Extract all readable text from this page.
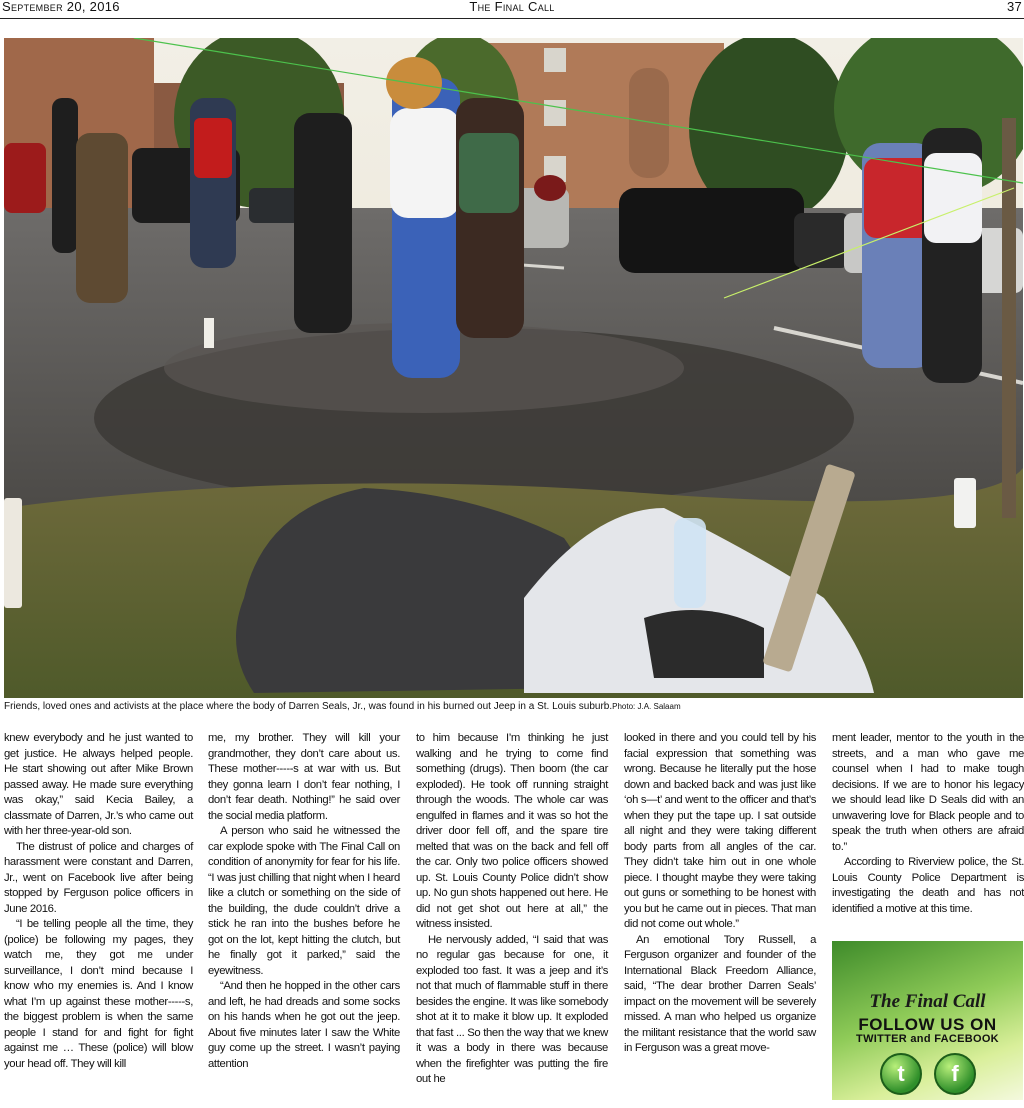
September 20, 2016	The Final Call	37
Friends, loved ones and activists at the place where the body of Darren Seals, Jr., was found in his burned out Jeep in a St. Louis suburb.Photo: J.A. Salaam

knew everybody and he just wanted to get justice. He always helped people. He start showing out after Mike Brown passed away. He made sure everything was okay,” said Kecia Bailey, a classmate of Darren, Jr.’s who came out with her three-year-old son.

The distrust of police and charges of harassment were constant and Darren, Jr., went on Facebook live after being stopped by Ferguson police officers in June 2016.

“I be telling people all the time, they (police) be following my pages, they watch me, they got me under surveillance, I don’t mind because I know who my enemies is. And I know what I’m up against these mother-----s, the biggest problem is when the same people I stand for and fight for fight against me … These (police) will blow your head off. They will kill

me, my brother. They will kill your grandmother, they don’t care about us. These mother-----s at war with us. But they gonna learn I don’t fear nothing, I don’t fear death. Nothing!” he said over the social media platform.

A person who said he witnessed the car explode spoke with The Final Call on condition of anonymity for fear for his life. “I was just chilling that night when I heard like a clutch or something on the side of the building, the dude couldn’t drive a stick he ran into the bushes before he got on the lot, kept hitting the clutch, but he finally got it parked,” said the eyewitness.

“And then he hopped in the other cars and left, he had dreads and some socks on his hands when he got out the jeep. About five minutes later I saw the White guy come up the street. I wasn’t paying attention

to him because I’m thinking he just walking and he trying to come find something (drugs). Then boom (the car exploded). He took off running straight through the woods. The whole car was engulfed in flames and it was so hot the driver door fell off, and the spare tire melted that was on the back and fell off the car. Only two police officers showed up. St. Louis County Police didn’t show up. No gun shots happened out here. He did not get shot out here at all,” the witness insisted.

He nervously added, “I said that was no regular gas because for one, it exploded too fast. It was a jeep and it’s not that much of flammable stuff in there besides the engine. It was like somebody shot at it to make it blow up. It exploded that fast ... So then the way that we knew it was a body in there was because when the firefighter was putting the fire out he

looked in there and you could tell by his facial expression that something was wrong. Because he literally put the hose down and backed back and was just like ‘oh s—t’ and went to the officer and that’s when they put the tape up. I sat outside all night and they were taking different body parts from all angles of the car. They didn’t take him out in one whole piece. I thought maybe they were taking out guns or something to be honest with you but he came out in pieces. That man did not come out whole.”

An emotional Tory Russell, a Ferguson organizer and founder of the International Black Freedom Alliance, said, “The dear brother Darren Seals’ impact on the movement will be severely missed. A man who helped us organize the militant resistance that the world saw in Ferguson was a great move-

ment leader, mentor to the youth in the streets, and a man who gave me counsel when I had to make tough decisions. If we are to honor his legacy we should lead like D Seals did with an unwavering love for Black people and to speak the truth when others are afraid to.”

According to Riverview police, the St. Louis County Police Department is investigating the death and has not identified a motive at this time.

The Final Call
FOLLOW US ON
TWITTER and FACEBOOK
t	f
